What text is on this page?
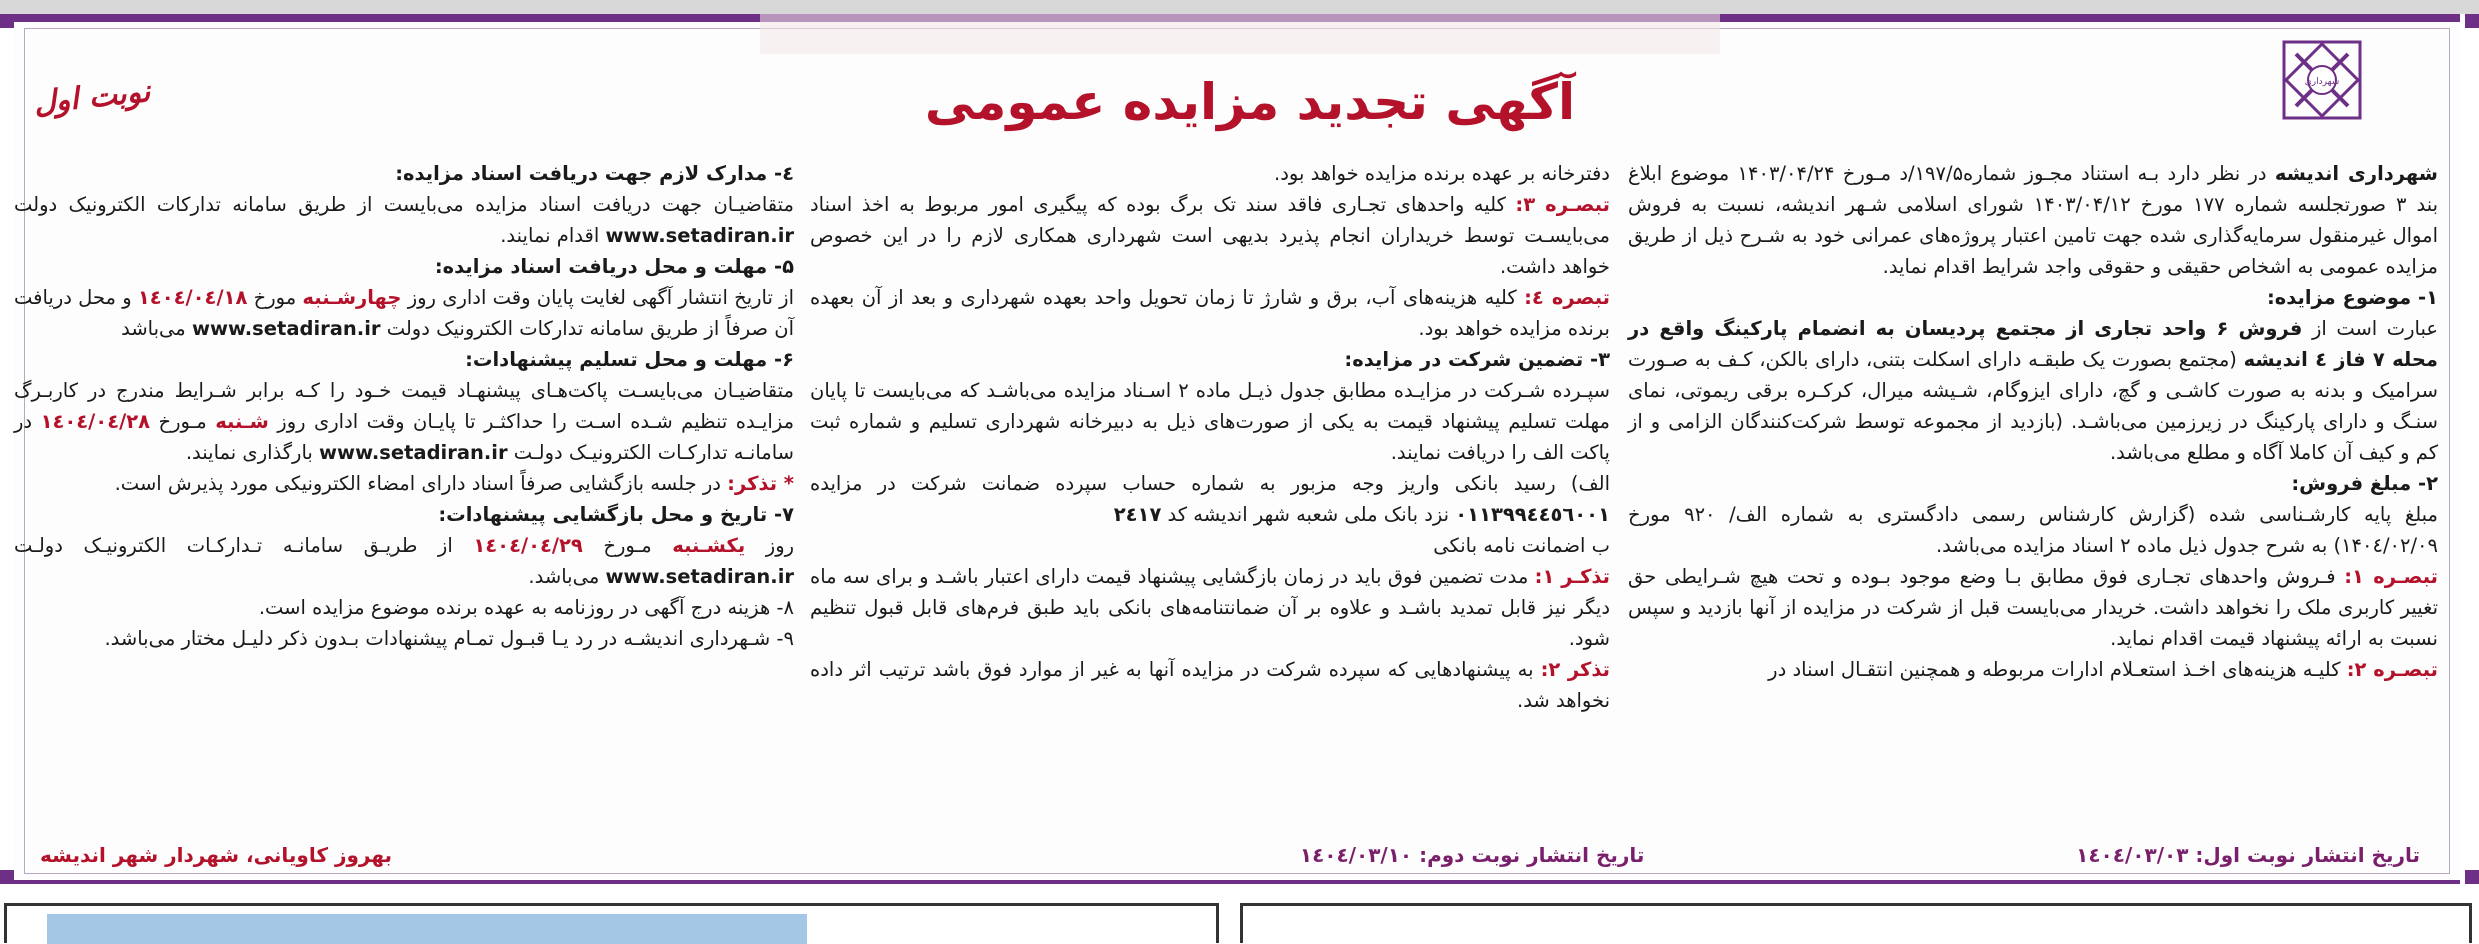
شهرداری
آگهی تجدید مزایده عمومی
نوبت اول

شهرداری اندیشه در نظر دارد بـه استناد مجـوز شماره۱۹۷/۵/د مـورخ ۱۴۰۳/۰۴/۲۴ موضوع ابلاغ بند ۳ صورتجلسه شماره ۱۷۷ مورخ ۱۴۰۳/۰۴/۱۲ شورای اسلامی شـهر اندیشه، نسبت به فروش اموال غیرمنقول سرمایه‌گذاری شده جهت تامین اعتبار پروژه‌های عمرانی خود به شـرح ذیل از طریق مزایده عمومی به اشخاص حقیقی و حقوقی واجد شرایط اقدام نماید.

۱- موضوع مزایده:

عبارت است از فروش ۶ واحد تجاری از مجتمع پردیسان به انضمام پارکینگ واقع در محله ۷ فاز ٤ اندیشه (مجتمع بصورت یک طبقـه دارای اسکلت بتنی، دارای بالکن، کـف به صـورت سرامیک و بدنه به صورت کاشـی و گچ، دارای ایزوگام، شـیشه میرال، کرکـره برقی ریموتی، نمای سنـگ و دارای پارکینگ در زیرزمین می‌باشـد. (بازدید از مجموعه توسط شرکت‌کنندگان الزامی و از کم و کیف آن کاملا آگاه و مطلع می‌باشد.

۲- مبلغ فروش:

مبلغ پایه کارشـناسی شده (گزارش کارشناس رسمی دادگستری به شماره الف/ ۹۲۰ مورخ ۱۴۰٤/۰۲/۰۹) به شرح جدول ذیل ماده ۲ اسناد مزایده می‌باشد.

تبصـره ۱: فـروش واحدهای تجـاری فوق مطابق بـا وضع موجود بـوده و تحت هیچ شـرایطی حق تغییر کاربری ملک را نخواهد داشت. خریدار می‌بایست قبل از شرکت در مزایده از آنها بازدید و سپس نسبت به ارائه پیشنهاد قیمت اقدام نماید.

تبصـره ۲: کلیـه هزینه‌های اخـذ استعـلام ادارات مربوطه و همچنین انتقـال اسناد در

دفترخانه بر عهده برنده مزایده خواهد بود.

تبصـره ۳: کلیه واحدهای تجـاری فاقد سند تک برگ بوده که پیگیری امور مربوط به اخذ اسناد می‌بایسـت توسط خریداران انجام پذیرد بدیهی است شهرداری همکاری لازم را در این خصوص خواهد داشت.

تبصره ٤: کلیه هزینه‌های آب، برق و شارژ تا زمان تحویل واحد بعهده شهرداری و بعد از آن بعهده برنده مزایده خواهد بود.

۳- تضمین شرکت در مزایده:

سپـرده شـرکت در مزایـده مطابق جدول ذیـل ماده ۲ اسـناد مزایده می‌باشـد که می‌بایست تا پایان مهلت تسلیم پیشنهاد قیمت به یکی از صورت‌های ذیل به دبیرخانه شهرداری تسلیم و شماره ثبت پاکت الف را دریافت نمایند.

الف) رسید بانکی واریز وجه مزبور به شماره حساب سپرده ضمانت شرکت در مزایده ۰۱۱۳۹۹٤٤٥٦۰۰۱ نزد بانک ملی شعبه شهر اندیشه کد ۲٤۱۷

ب اضمانت نامه بانکی

تذکـر ۱: مدت تضمین فوق باید در زمان بازگشایی پیشنهاد قیمت دارای اعتبار باشـد و برای سه ماه دیگر نیز قابل تمدید باشـد و علاوه بر آن ضمانتنامه‌های بانکی باید طبق فرم‌های قابل قبول تنظیم شود.

تذکر ۲: به پیشنهادهایی که سپرده شرکت در مزایده آنها به غیر از موارد فوق باشد ترتیب اثر داده نخواهد شد.

٤- مدارک لازم جهت دریافت اسناد مزایده:

متقاضیـان جهت دریافت اسناد مزایده می‌بایست از طریق سامانه تدارکات الکترونیک دولت www.setadiran.ir اقدام نمایند.

۵- مهلت و محل دریافت اسناد مزایده:

از تاریخ انتشار آگهی لغایت پایان وقت اداری روز چهارشـنبه مورخ ۱٤۰٤/۰٤/۱۸ و محل دریافت آن صرفاً از طریق سامانه تدارکات الکترونیک دولت www.setadiran.ir می‌باشد

۶- مهلت و محل تسلیم پیشنهادات:

متقاضیـان می‌بایسـت پاکت‌هـای پیشنهـاد قیمت خـود را کـه برابر شـرایط مندرج در کاربـرگ مزایـده تنظیم شـده اسـت را حداکثـر تا پایـان وقت اداری روز شـنبه مـورخ ۱٤۰٤/۰٤/۲۸ در سامانـه تدارکـات الکترونیـک دولـت www.setadiran.ir بارگذاری نمایند.

* تذکر: در جلسه بازگشایی صرفاً اسناد دارای امضاء الکترونیکی مورد پذیرش است.

۷- تاریخ و محل بازگشایی پیشنهادات:

روز یکشـنبه مـورخ ۱٤۰٤/۰٤/۲۹ از طریـق سامانـه تـدارکـات الکترونیـک دولـت www.setadiran.ir می‌باشد.

۸- هزینه درج آگهی در روزنامه به عهده برنده موضوع مزایده است.

۹- شـهرداری اندیشـه در رد یـا قبـول تمـام پیشنهادات بـدون ذکر دلیـل مختار می‌باشد.

تاریخ انتشار نوبت اول: ۱٤۰٤/۰۳/۰۳                                                              تاریخ انتشار نوبت دوم: ۱٤۰٤/۰۳/۱۰
بهروز کاویانی، شهردار شهر اندیشه
